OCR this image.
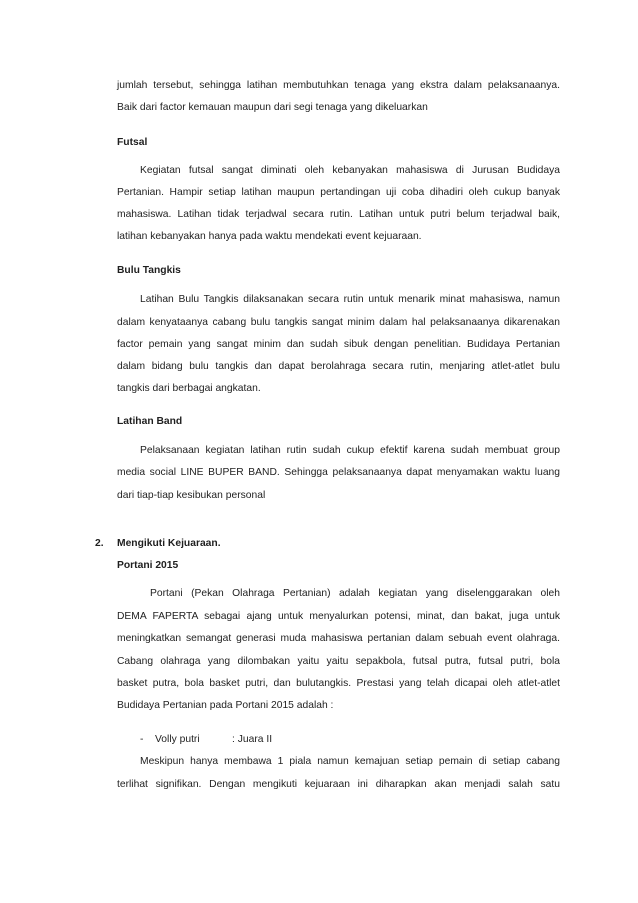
jumlah tersebut, sehingga latihan membutuhkan tenaga yang ekstra dalam pelaksanaanya.

Baik dari factor kemauan maupun dari segi tenaga yang dikeluarkan

Futsal

Kegiatan futsal sangat diminati oleh kebanyakan mahasiswa di Jurusan Budidaya

Pertanian. Hampir setiap latihan maupun pertandingan uji coba dihadiri oleh cukup banyak

mahasiswa. Latihan tidak terjadwal secara rutin. Latihan untuk putri belum terjadwal baik,

latihan kebanyakan hanya pada waktu mendekati event kejuaraan.

Bulu Tangkis

Latihan Bulu Tangkis dilaksanakan secara rutin untuk menarik minat mahasiswa, namun

dalam kenyataanya cabang bulu tangkis sangat minim dalam hal pelaksanaanya dikarenakan

factor pemain yang sangat minim dan sudah sibuk dengan penelitian. Budidaya Pertanian

dalam bidang bulu tangkis dan dapat berolahraga secara rutin, menjaring atlet-atlet bulu

tangkis dari berbagai angkatan.

Latihan Band

Pelaksanaan kegiatan latihan rutin sudah cukup efektif karena sudah membuat group

media social LINE BUPER BAND. Sehingga pelaksanaanya dapat menyamakan waktu luang

dari tiap-tiap kesibukan personal

2. Mengikuti Kejuaraan.

Portani 2015

Portani (Pekan Olahraga Pertanian) adalah kegiatan yang diselenggarakan oleh

DEMA FAPERTA sebagai ajang untuk menyalurkan potensi, minat, dan bakat, juga untuk

meningkatkan semangat generasi muda mahasiswa pertanian dalam sebuah event olahraga.

Cabang olahraga yang dilombakan yaitu yaitu sepakbola, futsal putra, futsal putri, bola

basket putra, bola basket putri, dan bulutangkis. Prestasi yang telah dicapai oleh atlet-atlet

Budidaya Pertanian pada Portani 2015 adalah :

- Volly putri	: Juara II

Meskipun hanya membawa 1 piala namun kemajuan setiap pemain di setiap cabang

terlihat signifikan. Dengan mengikuti kejuaraan ini diharapkan akan menjadi salah satu
